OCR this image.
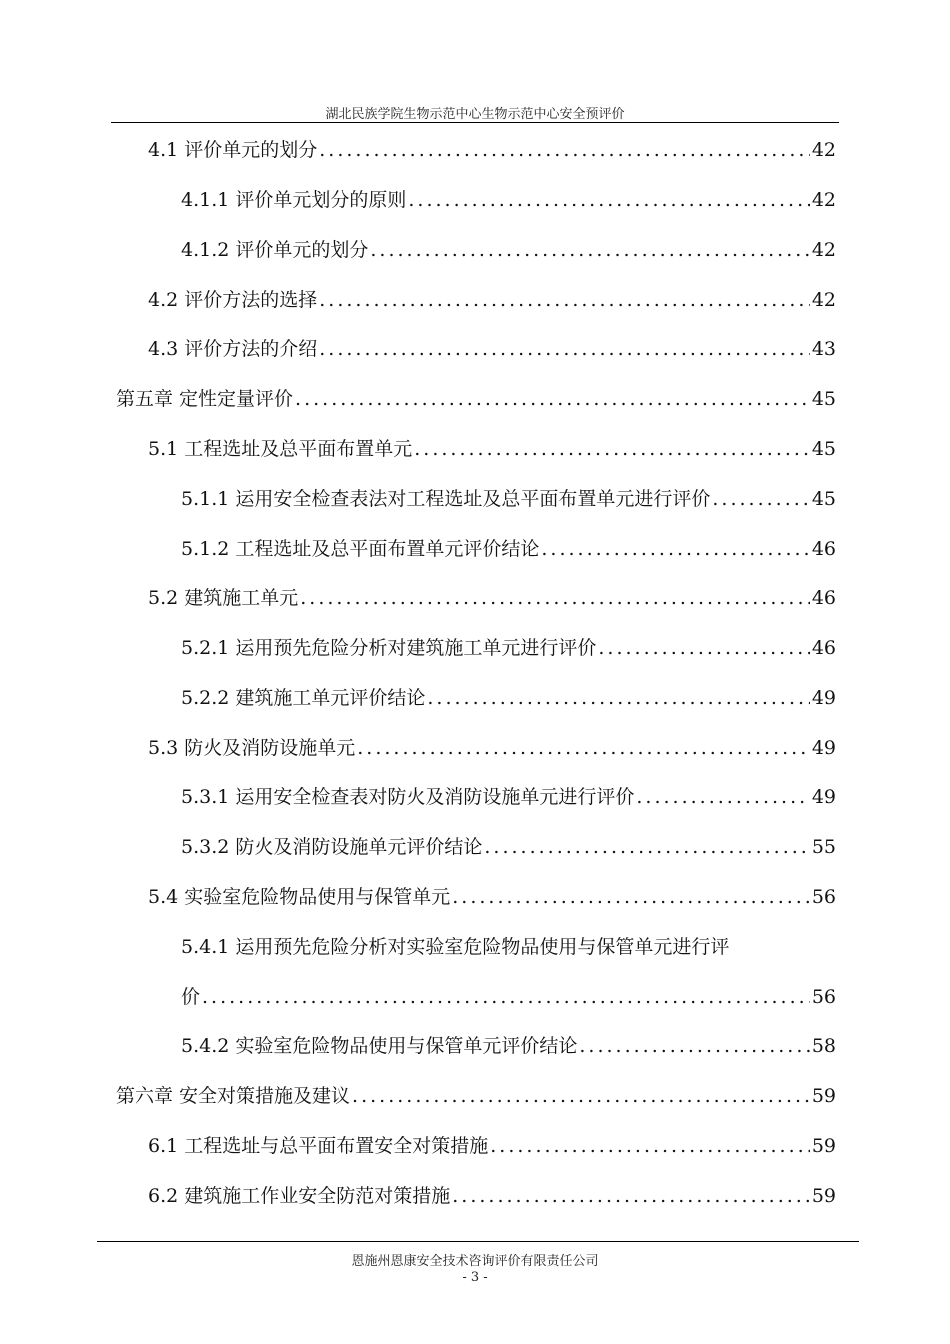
湖北民族学院生物示范中心生物示范中心安全预评价
4.1 评价单元的划分 .....	42
4.1.1 评价单元划分的原则 .....	42
4.1.2 评价单元的划分 .....	42
4.2 评价方法的选择 .....	42
4.3 评价方法的介绍 .....	43
第五章 定性定量评价 .....	45
5.1 工程选址及总平面布置单元 .....	45
5.1.1 运用安全检查表法对工程选址及总平面布置单元进行评价 .....	45
5.1.2 工程选址及总平面布置单元评价结论 .....	46
5.2 建筑施工单元 .....	46
5.2.1 运用预先危险分析对建筑施工单元进行评价 .....	46
5.2.2 建筑施工单元评价结论 .....	49
5.3 防火及消防设施单元 .....	49
5.3.1 运用安全检查表对防火及消防设施单元进行评价 .....	49
5.3.2 防火及消防设施单元评价结论 .....	55
5.4 实验室危险物品使用与保管单元 .....	56
5.4.1 运用预先危险分析对实验室危险物品使用与保管单元进行评
价 .....	56
5.4.2 实验室危险物品使用与保管单元评价结论 .....	58
第六章 安全对策措施及建议 .....	59
6.1 工程选址与总平面布置安全对策措施 .....	59
6.2 建筑施工作业安全防范对策措施 .....	59
恩施州恩康安全技术咨询评价有限责任公司
- 3 -
